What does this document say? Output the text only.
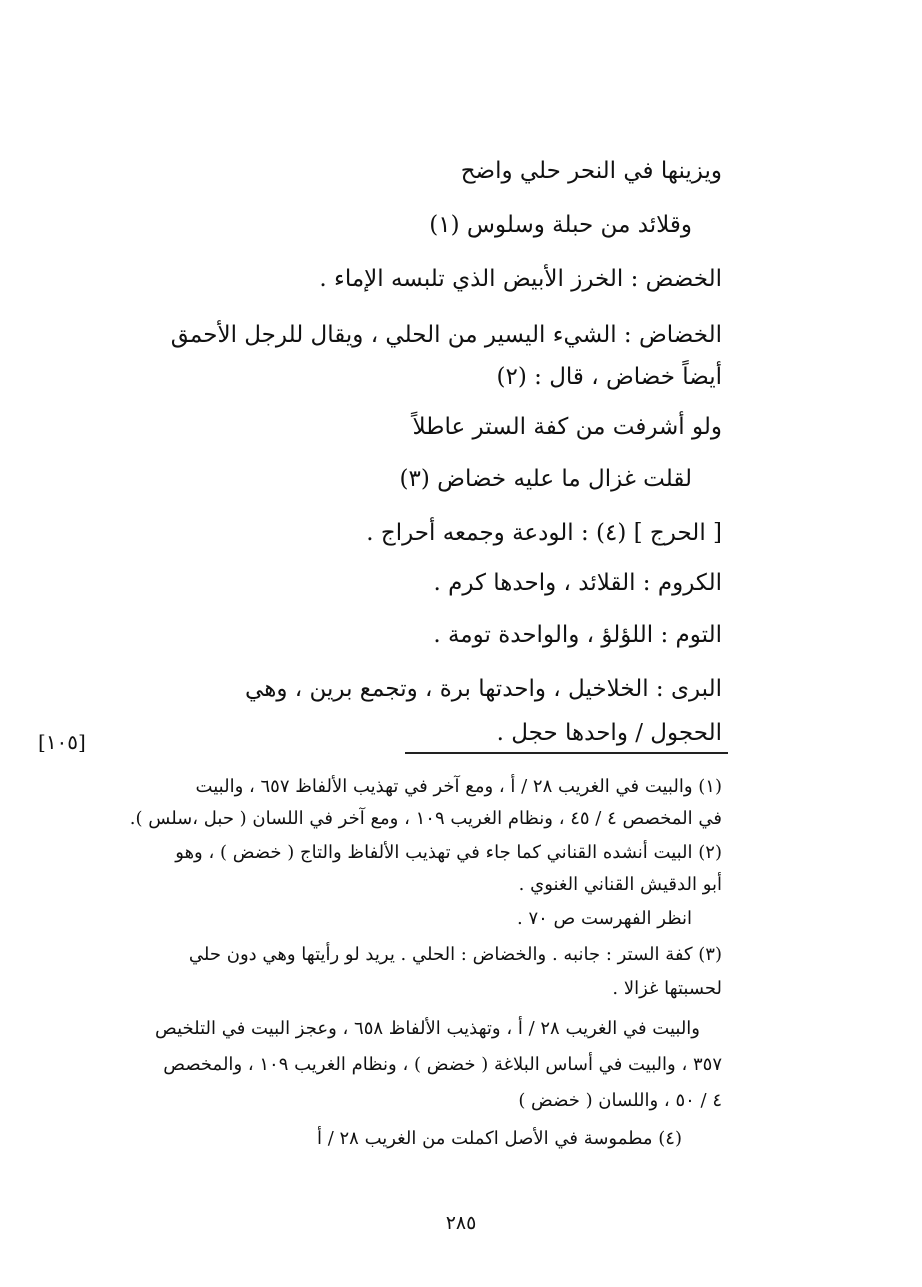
ويزينها في النحر حلي واضح
وقلائد من حبلة وسلوس (١)
الخضض : الخرز الأبيض الذي تلبسه الإماء .
الخضاض : الشيء اليسير من الحلي ، ويقال للرجل الأحمق
أيضاً خضاض ، قال : (٢)
ولو أشرفت من كفة الستر عاطلاً
لقلت غزال ما عليه خضاض (٣)
[ الحرج ] (٤) : الودعة وجمعه أحراج .
الكروم : القلائد ، واحدها كرم .
التوم : اللؤلؤ ، والواحدة تومة .
البرى : الخلاخيل ، واحدتها برة ، وتجمع برين ، وهي
الحجول / واحدها حجل .
[١٠٥]
(١) والبيت في الغريب ٢٨ / أ ، ومع آخر في تهذيب الألفاظ ٦٥٧ ، والبيت
في المخصص ٤ / ٤٥ ، ونظام الغريب ١٠٩ ، ومع آخر في اللسان ( حبل ،سلس ).
(٢) البيت أنشده القناني كما جاء في تهذيب الألفاظ والتاج ( خضض ) ، وهو
أبو الدقيش القناني الغنوي .
انظر الفهرست ص ٧٠ .
(٣) كفة الستر : جانبه . والخضاض : الحلي . يريد لو رأيتها وهي دون حلي
لحسبتها غزالا .
والبيت في الغريب ٢٨ / أ ، وتهذيب الألفاظ ٦٥٨ ، وعجز البيت في التلخيص
٣٥٧ ، والبيت في أساس البلاغة ( خضض ) ، ونظام الغريب ١٠٩ ، والمخصص
٤ / ٥٠ ، واللسان ( خضض )
(٤) مطموسة في الأصل اكملت من الغريب ٢٨ / أ
٢٨٥
